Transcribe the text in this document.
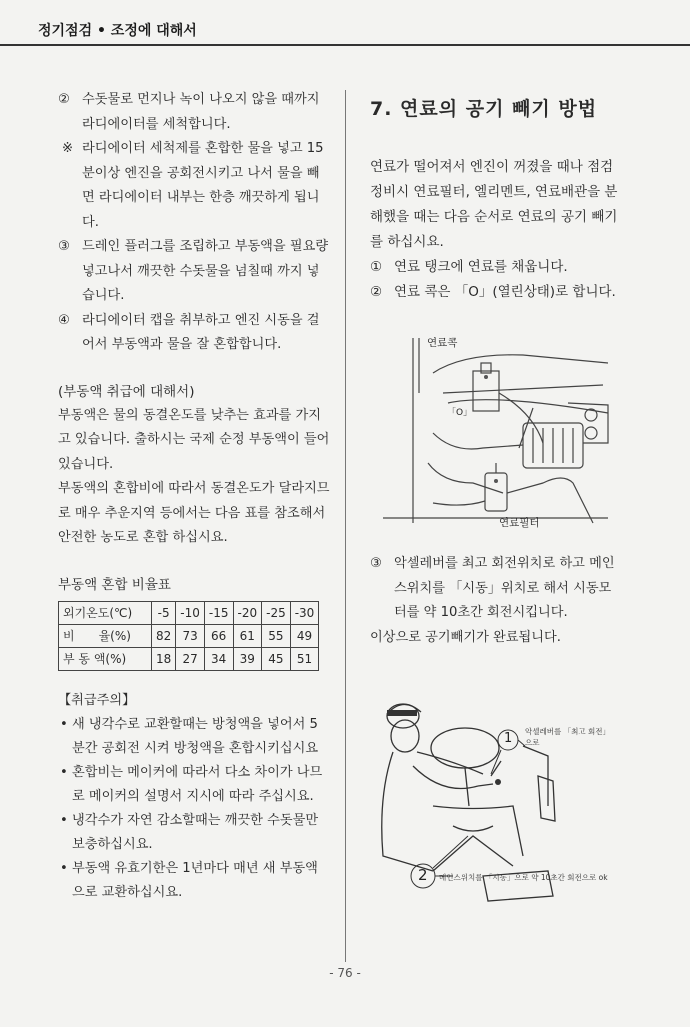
정기점검 • 조정에 대해서

② 수돗물로 먼지나 녹이 나오지 않을 때까지 라디에이터를 세척합니다.

※ 라디에이터 세척제를 혼합한 물을 넣고 15분이상 엔진을 공회전시키고 나서 물을 빼면 라디에이터 내부는 한층 깨끗하게 됩니다.

③ 드레인 플러그를 조립하고 부동액을 필요량 넣고나서 깨끗한 수돗물을 넘칠때 까지 넣습니다.

④ 라디에이터 캡을 취부하고 엔진 시동을 걸어서 부동액과 물을 잘 혼합합니다.

(부동액 취급에 대해서)

부동액은 물의 동결온도를 낮추는 효과를 가지고 있습니다. 출하시는 국제 순정 부동액이 들어 있습니다.

부동액의 혼합비에 따라서 동결온도가 달라지므로 매우 추운지역 등에서는 다음 표를 참조해서 안전한 농도로 혼합 하십시요.

부동액 혼합 비율표

외기온도(℃)	-5	-10	-15	-20	-25	-30
비　　율(%)	82	73	66	61	55	49
부 동 액(%)	18	27	34	39	45	51

【취급주의】

• 새 냉각수로 교환할때는 방청액을 넣어서 5분간 공회전 시켜 방청액을 혼합시키십시요

• 혼합비는 메이커에 따라서 다소 차이가 나므로 메이커의 설명서 지시에 따라 주십시요.

• 냉각수가 자연 감소할때는 깨끗한 수돗물만 보충하십시요.

• 부동액 유효기한은 1년마다 매년 새 부동액으로 교환하십시요.

7. 연료의 공기 빼기 방법

연료가 떨어져서 엔진이 꺼졌을 때나 점검정비시 연료필터, 엘리멘트, 연료배관을 분해했을 때는 다음 순서로 연료의 공기 빼기를 하십시요.

① 연료 탱크에 연료를 채웁니다.

② 연료 콕은 「O」(열린상태)로 합니다.

연료콕
「O」
연료필터

③ 악셀레버를 최고 회전위치로 하고 메인 스위치를 「시동」위치로 해서 시동모터를 약 10초간 회전시킵니다.

이상으로 공기빼기가 완료됩니다.

1
2
악셀레버를 「최고 회전」으로
메인스위치를 「시동」으로 약 10초간 회전으로 ok
- 76 -
